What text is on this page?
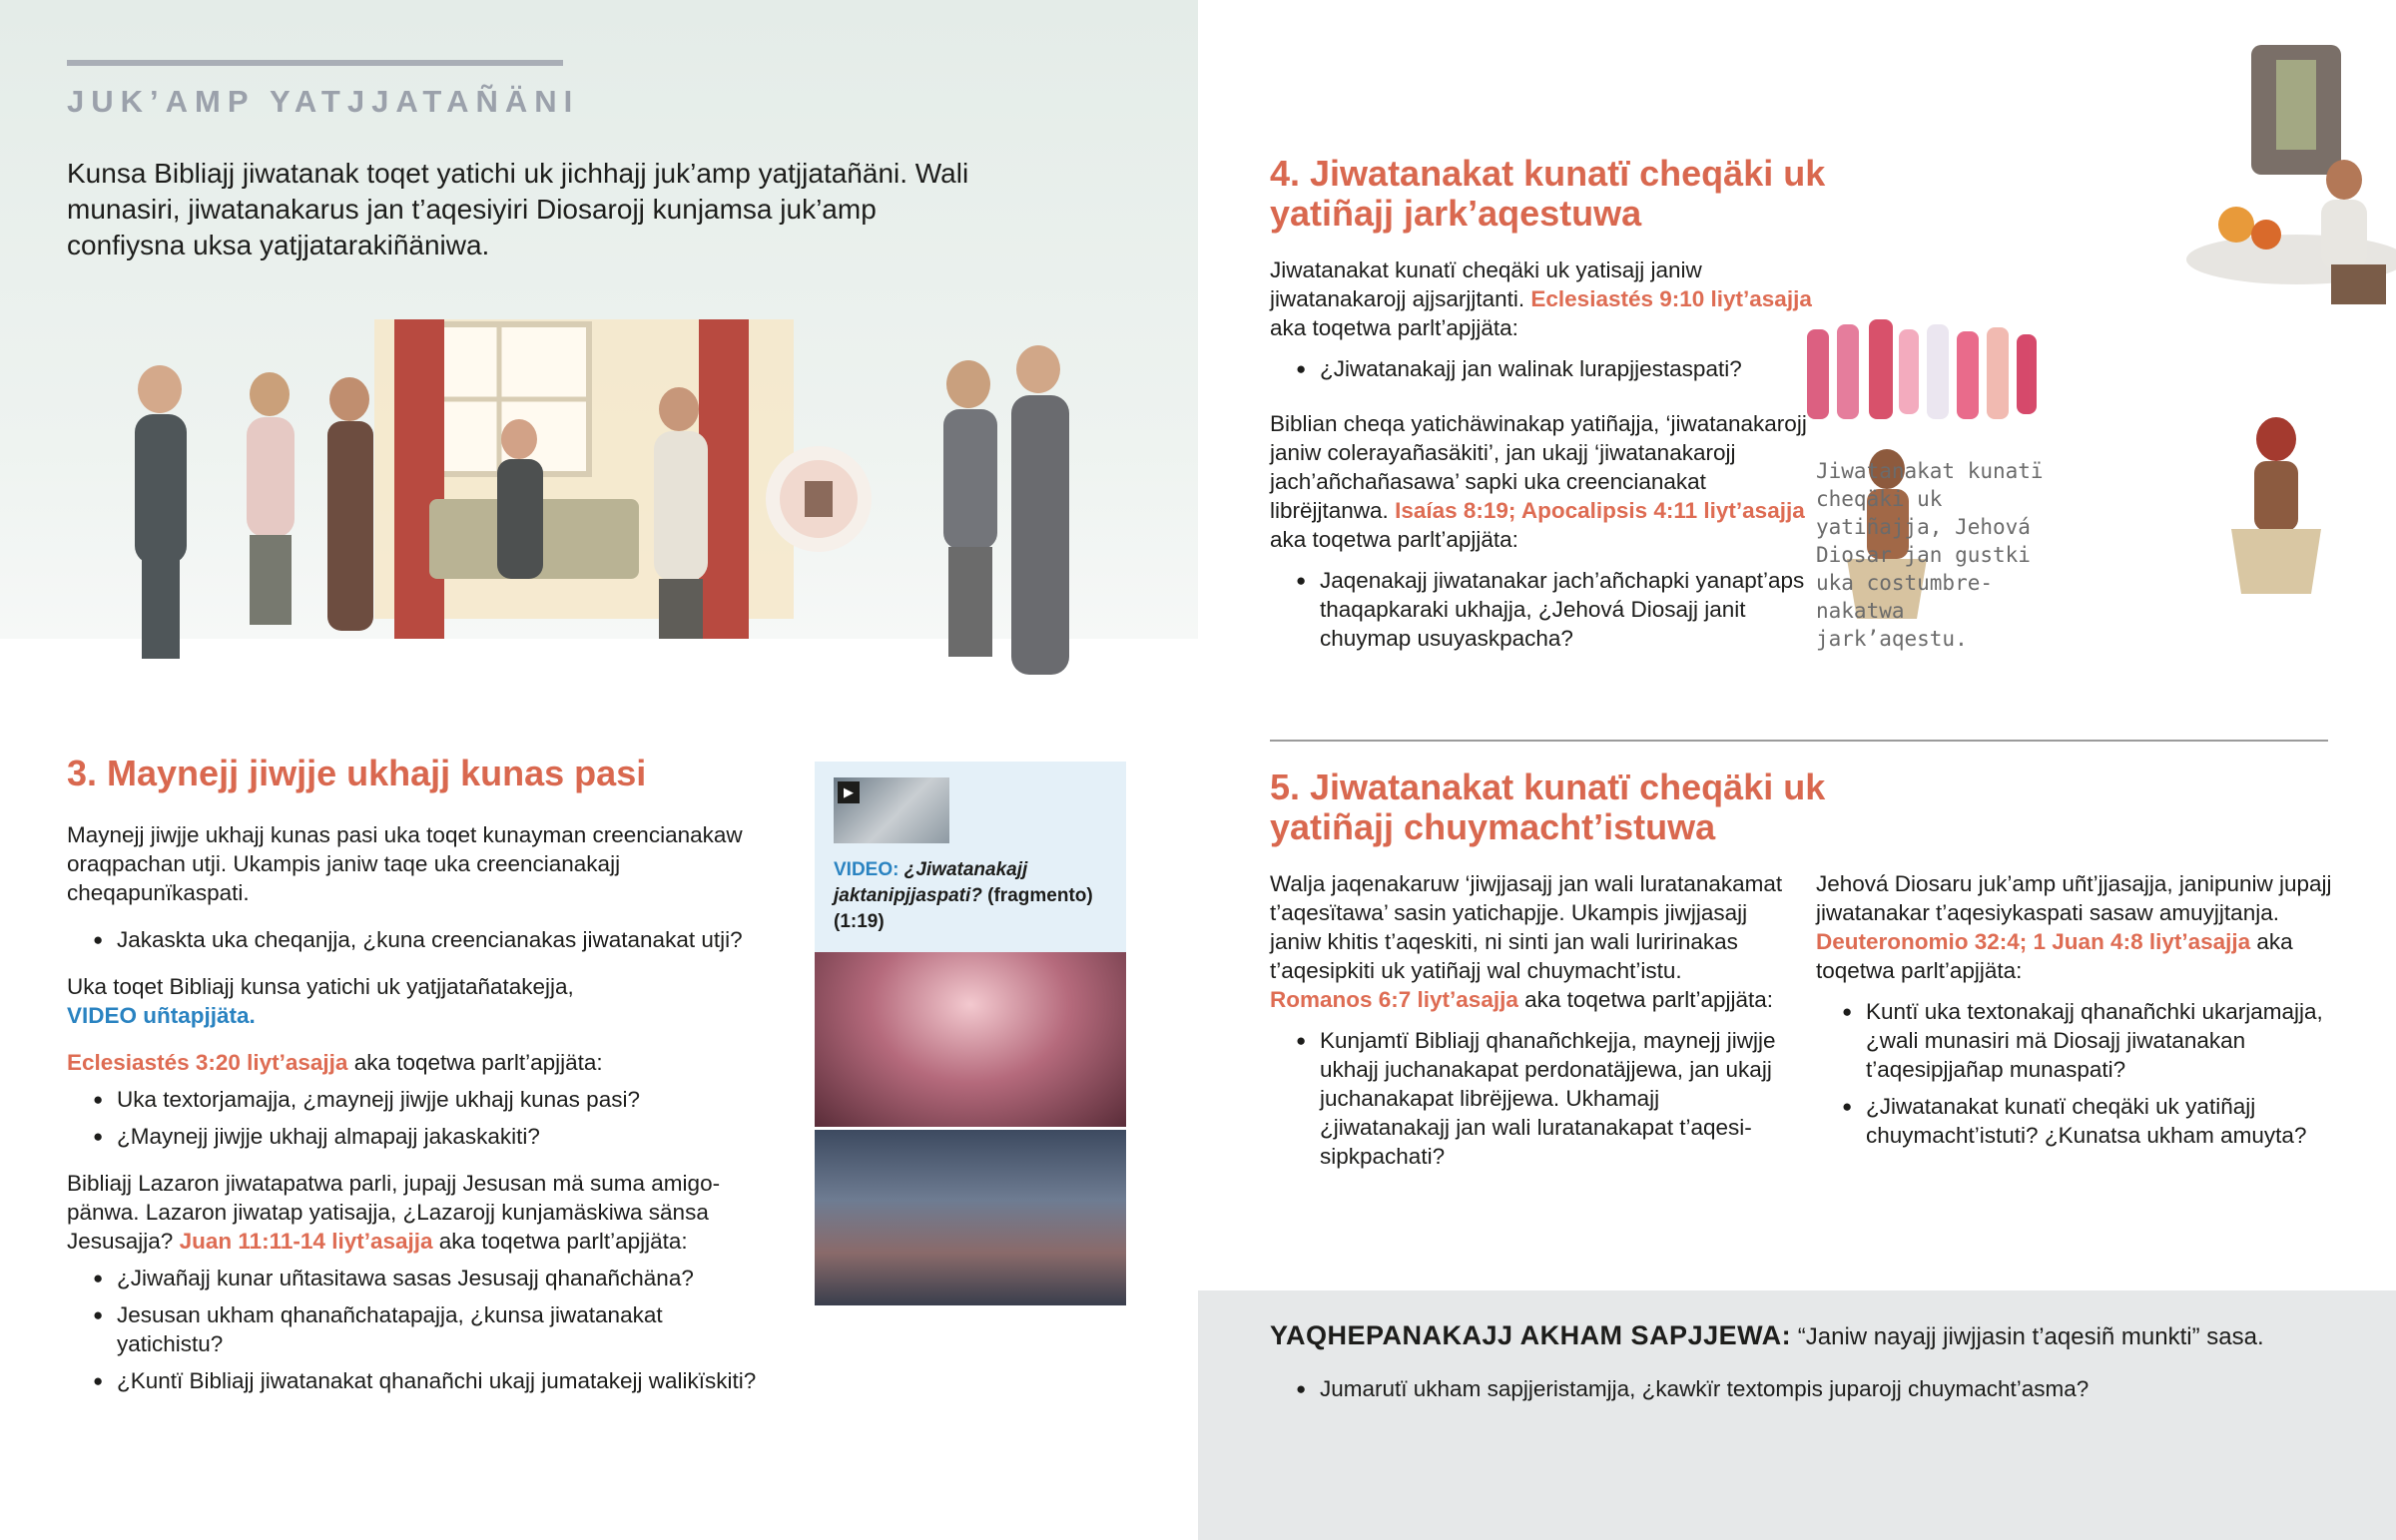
JUK’AMP YATJJATAÑÄNI
Kunsa Bibliajj jiwatanak toqet yatichi uk jichhajj juk’amp yatjjatañäni. Wali munasiri, jiwatanakarus jan t’aqesiyiri Diosarojj kunjamsa juk’amp confiysna uksa yatjjatarakiñäniwa.
3. Maynejj jiwjje ukhajj kunas pasi

Maynejj jiwjje ukhajj kunas pasi uka toqet kunayman creencianakaw oraqpachan utji. Ukampis janiw taqe uka creencianakajj cheqapunïkaspati.

● Jakaskta uka cheqanjja, ¿kuna creencianakas jiwatanakat utji?

Uka toqet Bibliajj kunsa yatichi uk yatjjatañatakejja,
VIDEO uñtapjjäta.

Eclesiastés 3:20 liyt’asajja aka toqetwa parlt’apjjäta:

● Uka textorjamajja, ¿maynejj jiwjje ukhajj kunas pasi?
● ¿Maynejj jiwjje ukhajj almapajj jakaskakiti?

Bibliajj Lazaron jiwatapatwa parli, jupajj Jesusan mä suma amigopänwa. Lazaron jiwatap yatisajja, ¿Lazarojj kunjamäskiwa sänsa Jesusajja? Juan 11:11-14 liyt’asajja aka toqetwa parlt’apjjäta:

● ¿Jiwañajj kunar uñtasitawa sasas Jesusajj qhanañchäna?
● Jesusan ukham qhanañchatapajja, ¿kunsa jiwatanakat yatichistu?
● ¿Kuntï Bibliajj jiwatanakat qhanañchi ukajj jumatakejj walikïskiti?
▶
VIDEO: ¿Jiwatanakajj jaktanipjjaspati? (fragmento) (1:19)
4. Jiwatanakat kunatï cheqäki uk yatiñajj jark’aqestuwa

Jiwatanakat kunatï cheqäki uk yatisajj janiw jiwatanakarojj ajjsarjjtanti. Eclesiastés 9:10 liyt’asajja aka toqetwa parlt’apjjäta:

● ¿Jiwatanakajj jan walinak lurapjjestaspati?

Biblian cheqa yatichäwinakap yatiñajja, ‘jiwatanakarojj janiw colerayañasäkiti’, jan ukajj ‘jiwatanakarojj jach’añchañasawa’ sapki uka creencianakat librëjjtanwa. Isaías 8:19; Apocalipsis 4:11 liyt’asajja aka toqetwa parlt’apjjäta:

● Jaqenakajj jiwatanakar jach’añchapki yanapt’aps thaqapkaraki ukhajja, ¿Jehová Diosajj janit chuymap usuyaskpacha?
Jiwatanakat kunatï cheqäki uk yatiñajja, Jehová Diosar jan gustki uka costumbrenakatwa jark’aqestu.
5. Jiwatanakat kunatï cheqäki uk yatiñajj chuymacht’istuwa

Walja jaqenakaruw ‘jiwjjasajj jan wali luratanakamat t’aqesïtawa’ sasin yatichapjje. Ukampis jiwjjasajj janiw khitis t’aqeskiti, ni sinti jan wali luririnakas t’aqesipkiti uk yatiñajj wal chuymacht’istu. Romanos 6:7 liyt’asajja aka toqetwa parlt’apjjäta:

● Kunjamtï Bibliajj qhanañchkejja, maynejj jiwjje ukhajj juchanakapat perdonatäjjewa, jan ukajj juchanakapat librëjjewa. Ukhamajj ¿jiwatanakajj jan wali luratanakapat t’aqesisipkpachati?

Jehová Diosaru juk’amp uñt’jjasajja, janipuniw jupajj jiwatanakar t’aqesiykaspati sasaw amuyjjtanja. Deuteronomio 32:4; 1 Juan 4:8 liyt’asajja aka toqetwa parlt’apjjäta:

● Kuntï uka textonakajj qhanañchki ukarjamajja, ¿wali munasiri mä Diosajj jiwatanakan t’aqesipjjañap munaspati?
● ¿Jiwatanakat kunatï cheqäki uk yatiñajj chuymacht’istuti? ¿Kunatsa ukham amuyta?
YAQHEPANAKAJJ AKHAM SAPJJEWA: “Janiw nayajj jiwjjasin t’aqesiñ munkti” sasa.
● Jumarutï ukham sapjjeristamjja, ¿kawkïr textompis juparojj chuymacht’asma?
